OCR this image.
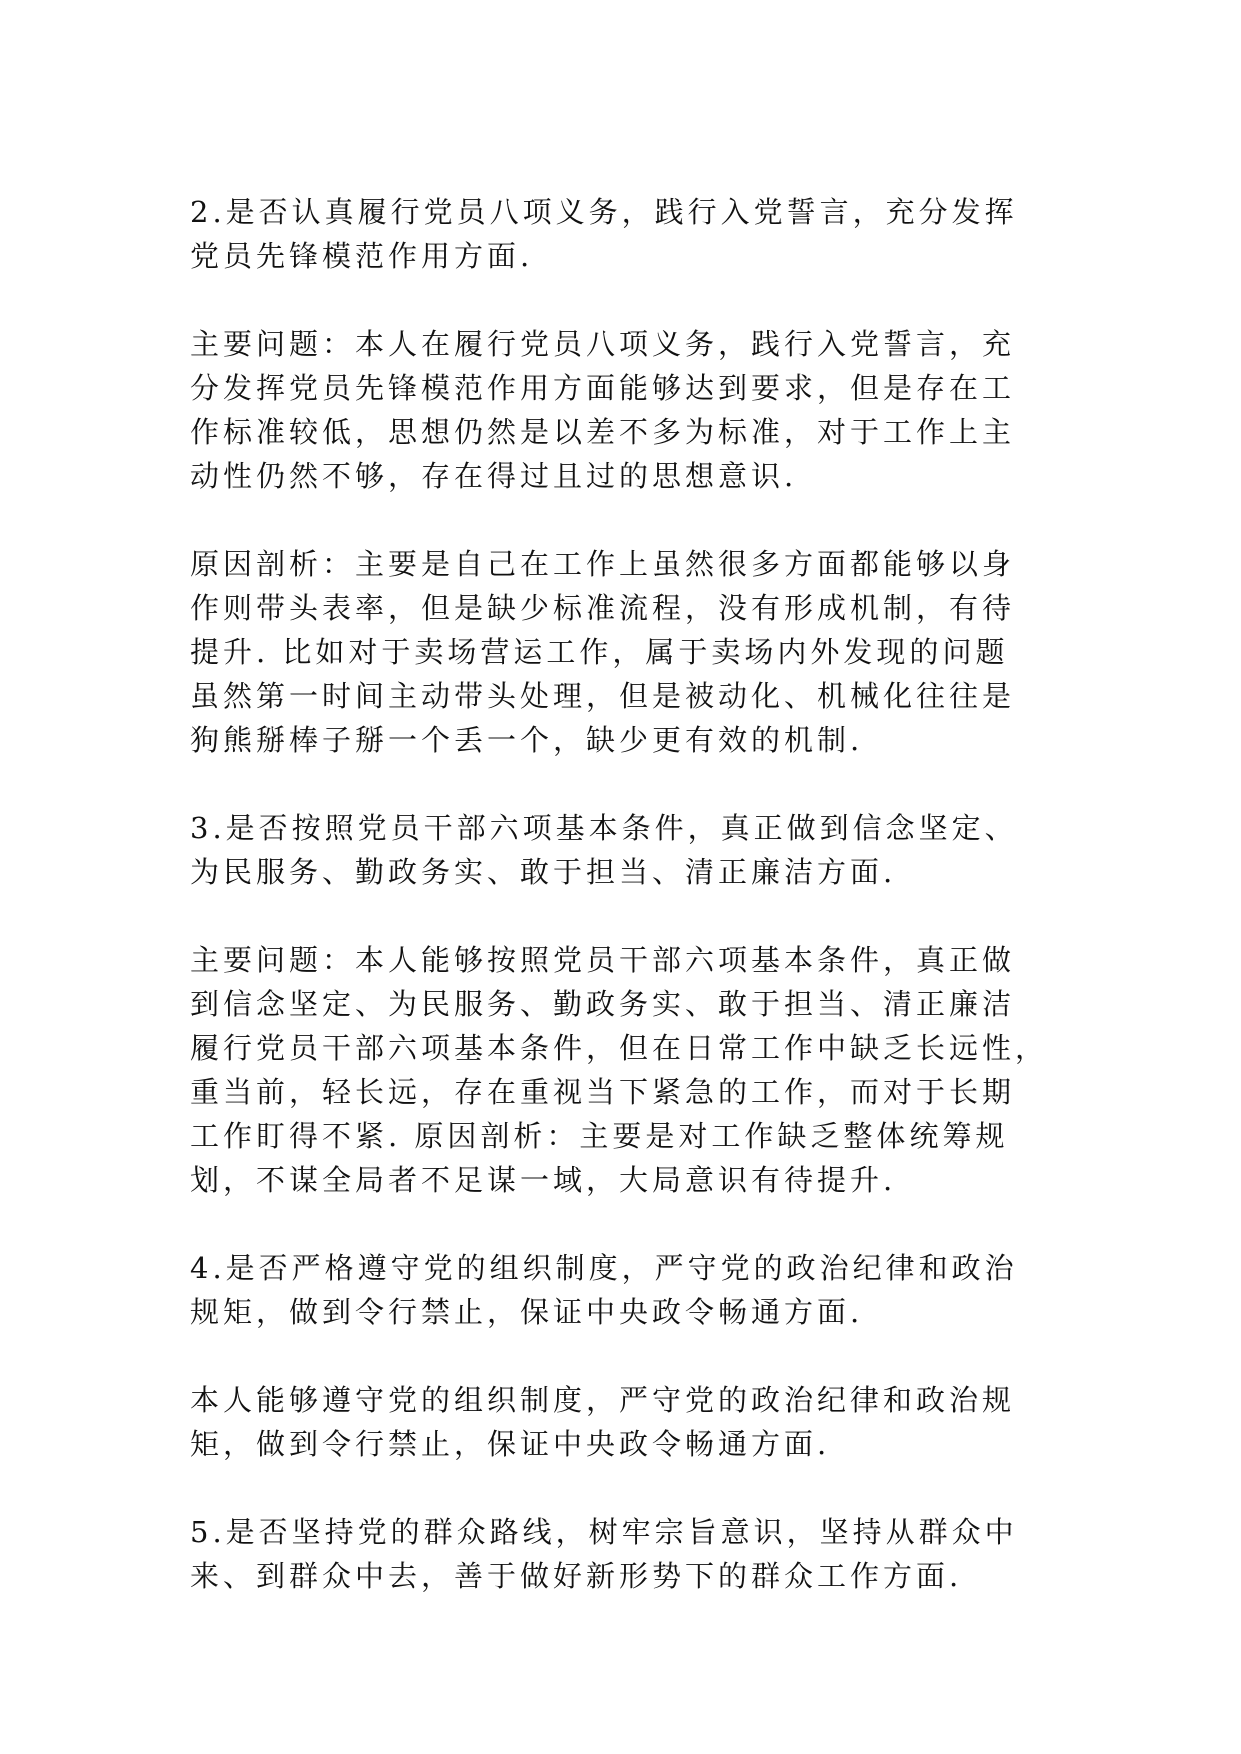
2.是否认真履行党员八项义务，践行入党誓言，充分发挥
党员先锋模范作用方面.

主要问题：本人在履行党员八项义务，践行入党誓言，充
分发挥党员先锋模范作用方面能够达到要求，但是存在工
作标准较低，思想仍然是以差不多为标准，对于工作上主
动性仍然不够，存在得过且过的思想意识.

原因剖析：主要是自己在工作上虽然很多方面都能够以身
作则带头表率，但是缺少标准流程，没有形成机制，有待
提升. 比如对于卖场营运工作，属于卖场内外发现的问题
虽然第一时间主动带头处理，但是被动化、机械化往往是
狗熊掰棒子掰一个丢一个，缺少更有效的机制.

3.是否按照党员干部六项基本条件，真正做到信念坚定、
为民服务、勤政务实、敢于担当、清正廉洁方面.

主要问题：本人能够按照党员干部六项基本条件，真正做
到信念坚定、为民服务、勤政务实、敢于担当、清正廉洁
履行党员干部六项基本条件，但在日常工作中缺乏长远性，
重当前，轻长远，存在重视当下紧急的工作，而对于长期
工作盯得不紧. 原因剖析：主要是对工作缺乏整体统筹规
划，不谋全局者不足谋一域，大局意识有待提升.

4.是否严格遵守党的组织制度，严守党的政治纪律和政治
规矩，做到令行禁止，保证中央政令畅通方面.

本人能够遵守党的组织制度，严守党的政治纪律和政治规
矩，做到令行禁止，保证中央政令畅通方面.

5.是否坚持党的群众路线，树牢宗旨意识，坚持从群众中
来、到群众中去，善于做好新形势下的群众工作方面.
